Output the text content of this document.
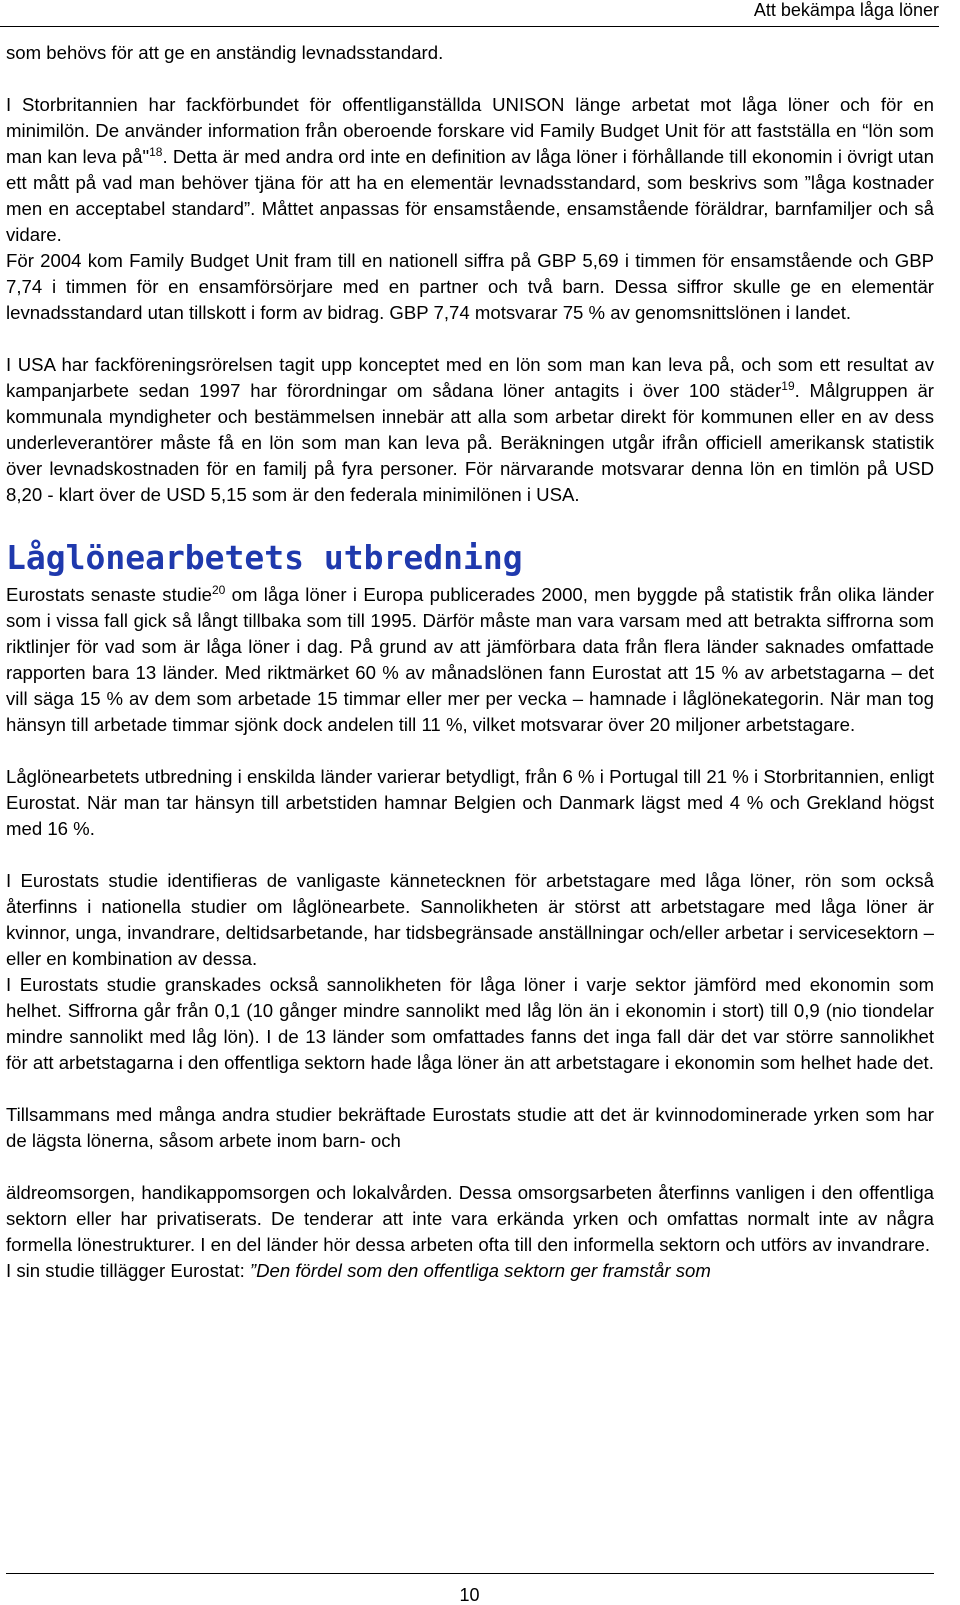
Att bekämpa låga löner

som behövs för att ge en anständig levnadsstandard.

I Storbritannien har fackförbundet för offentliganställda UNISON länge arbetat mot låga löner och för en minimilön. De använder information från oberoende forskare vid Family Budget Unit för att fastställa en “lön som man kan leva på"$^{18}$. Detta är med andra ord inte en definition av låga löner i förhållande till ekonomin i övrigt utan ett mått på vad man behöver tjäna för att ha en elementär levnadsstandard, som beskrivs som ”låga kostnader men en acceptabel standard”. Måttet anpassas för ensamstående, ensamstående föräldrar, barnfamiljer och så vidare.

För 2004 kom Family Budget Unit fram till en nationell siffra på GBP 5,69 i timmen för ensamstående och GBP 7,74 i timmen för en ensamförsörjare med en partner och två barn. Dessa siffror skulle ge en elementär levnadsstandard utan tillskott i form av bidrag. GBP 7,74 motsvarar 75 % av genomsnittslönen i landet.

I USA har fackföreningsrörelsen tagit upp konceptet med en lön som man kan leva på, och som ett resultat av kampanjarbete sedan 1997 har förordningar om sådana löner antagits i över 100 städer$^{19}$. Målgruppen är kommunala myndigheter och bestämmelsen innebär att alla som arbetar direkt för kommunen eller en av dess underleverantörer måste få en lön som man kan leva på. Beräkningen utgår ifrån officiell amerikansk statistik över levnadskostnaden för en familj på fyra personer. För närvarande motsvarar denna lön en timlön på USD 8,20 - klart över de USD 5,15 som är den federala minimilönen i USA.

Låglönearbetets utbredning

Eurostats senaste studie$^{20}$ om låga löner i Europa publicerades 2000, men byggde på statistik från olika länder som i vissa fall gick så långt tillbaka som till 1995. Därför måste man vara varsam med att betrakta siffrorna som riktlinjer för vad som är låga löner i dag. På grund av att jämförbara data från flera länder saknades omfattade rapporten bara 13 länder. Med riktmärket 60 % av månadslönen fann Eurostat att 15 % av arbetstagarna – det vill säga 15 % av dem som arbetade 15 timmar eller mer per vecka – hamnade i låglönekategorin. När man tog hänsyn till arbetade timmar sjönk dock andelen till 11 %, vilket motsvarar över 20 miljoner arbetstagare.

Låglönearbetets utbredning i enskilda länder varierar betydligt, från 6 % i Portugal till 21 % i Storbritannien, enligt Eurostat. När man tar hänsyn till arbetstiden hamnar Belgien och Danmark lägst med 4 % och Grekland högst med 16 %.

I Eurostats studie identifieras de vanligaste kännetecknen för arbetstagare med låga löner, rön som också återfinns i nationella studier om låglönearbete. Sannolikheten är störst att arbetstagare med låga löner är kvinnor, unga, invandrare, deltidsarbetande, har tidsbegränsade anställningar och/eller arbetar i servicesektorn – eller en kombination av dessa.

I Eurostats studie granskades också sannolikheten för låga löner i varje sektor jämförd med ekonomin som helhet. Siffrorna går från 0,1 (10 gånger mindre sannolikt med låg lön än i ekonomin i stort) till 0,9 (nio tiondelar mindre sannolikt med låg lön). I de 13 länder som omfattades fanns det inga fall där det var större sannolikhet för att arbetstagarna i den offentliga sektorn hade låga löner än att arbetstagare i ekonomin som helhet hade det.

Tillsammans med många andra studier bekräftade Eurostats studie att det är kvinnodominerade yrken som har de lägsta lönerna, såsom arbete inom barn- och

äldreomsorgen, handikappomsorgen och lokalvården. Dessa omsorgsarbeten återfinns vanligen i den offentliga sektorn eller har privatiserats. De tenderar att inte vara erkända yrken och omfattas normalt inte av några formella lönestrukturer. I en del länder hör dessa arbeten ofta till den informella sektorn och utförs av invandrare.

I sin studie tillägger Eurostat: ”Den fördel som den offentliga sektorn ger framstår som

10
